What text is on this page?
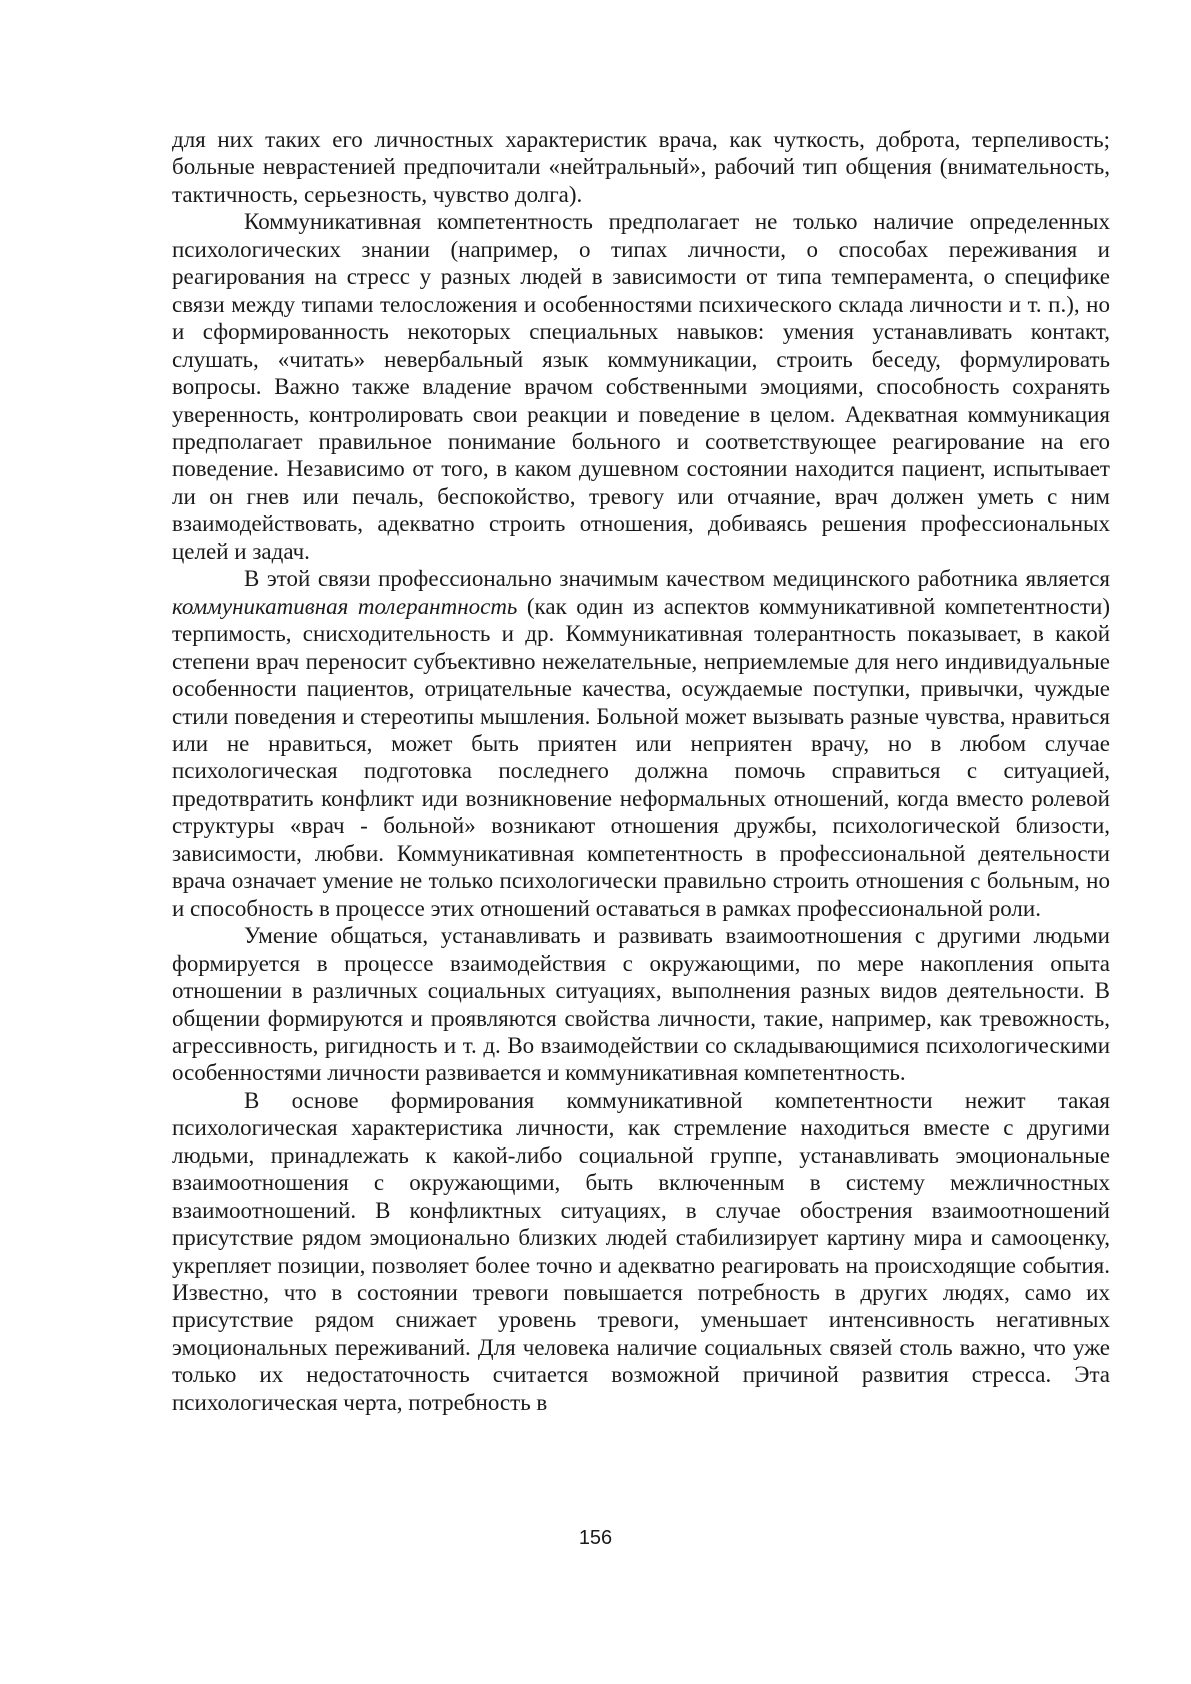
для них таких его личностных характеристик врача, как чуткость, доброта, терпеливость; больные неврастенией предпочитали «нейтральный», рабочий тип общения (внимательность, тактичность, серьезность, чувство долга).

Коммуникативная компетентность предполагает не только наличие определенных психологических знании (например, о типах личности, о способах переживания и реагирования на стресс у разных людей в зависимости от типа темперамента, о специфике связи между типами телосложения и особенностями психического склада личности и т. п.), но и сформированность некоторых специальных навыков: умения устанавливать контакт, слушать, «читать» невербальный язык коммуникации, строить беседу, формулировать вопросы. Важно также владение врачом собственными эмоциями, способность сохранять уверенность, контролировать свои реакции и поведение в целом. Адекватная коммуникация предполагает правильное понимание больного и соответствующее реагирование на его поведение. Независимо от того, в каком душевном состоянии находится пациент, испытывает ли он гнев или печаль, беспокойство, тревогу или отчаяние, врач должен уметь с ним взаимодействовать, адекватно строить отношения, добиваясь решения профессиональных целей и задач.

В этой связи профессионально значимым качеством медицинского работника является коммуникативная толерантность (как один из аспектов коммуникативной компетентности) терпимость, снисходительность и др. Коммуникативная толерантность показывает, в какой степени врач переносит субъективно нежелательные, неприемлемые для него индивидуальные особенности пациентов, отрицательные качества, осуждаемые поступки, привычки, чуждые стили поведения и стереотипы мышления. Больной может вызывать разные чувства, нравиться или не нравиться, может быть приятен или неприятен врачу, но в любом случае психологическая подготовка последнего должна помочь справиться с ситуацией, предотвратить конфликт иди возникновение неформальных отношений, когда вместо ролевой структуры «врач - больной» возникают отношения дружбы, психологической близости, зависимости, любви. Коммуникативная компетентность в профессиональной деятельности врача означает умение не только психологически правильно строить отношения с больным, но и способность в процессе этих отношений оставаться в рамках профессиональной роли.

Умение общаться, устанавливать и развивать взаимоотношения с другими людьми формируется в процессе взаимодействия с окружающими, по мере накопления опыта отношении в различных социальных ситуациях, выполнения разных видов деятельности. В общении формируются и проявляются свойства личности, такие, например, как тревожность, агрессивность, ригидность и т. д. Во взаимодействии со складывающимися психологическими особенностями личности развивается и коммуникативная компетентность.

В основе формирования коммуникативной компетентности нежит такая психологическая характеристика личности, как стремление находиться вместе с другими людьми, принадлежать к какой-либо социальной группе, устанавливать эмоциональные взаимоотношения с окружающими, быть включенным в систему межличностных взаимоотношений. В конфликтных ситуациях, в случае обострения взаимоотношений присутствие рядом эмоционально близких людей стабилизирует картину мира и самооценку, укрепляет позиции, позволяет более точно и адекватно реагировать на происходящие события. Известно, что в состоянии тревоги повышается потребность в других людях, само их присутствие рядом снижает уровень тревоги, уменьшает интенсивность негативных эмоциональных переживаний. Для человека наличие социальных связей столь важно, что уже только их недостаточность считается возможной причиной развития стресса. Эта психологическая черта, потребность в

156
